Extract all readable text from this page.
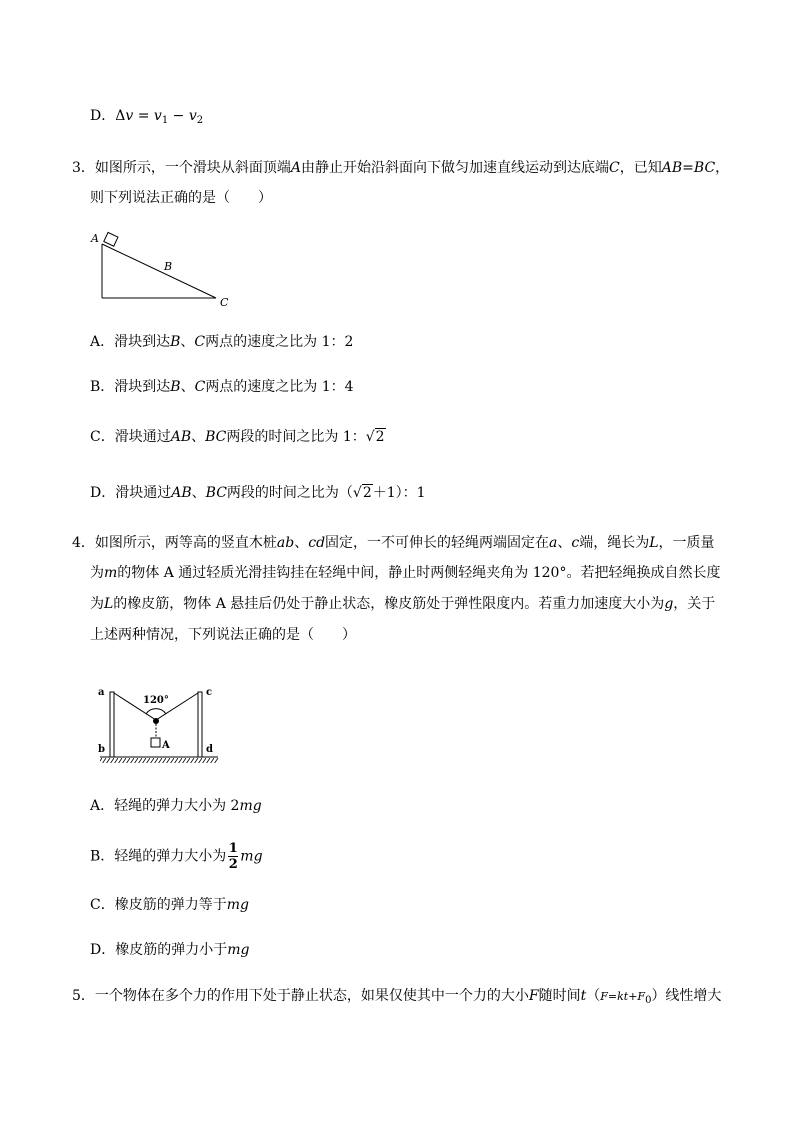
D．$\Delta v = v_1 - v_2$
3．如图所示，一个滑块从斜面顶端A由静止开始沿斜面向下做匀加速直线运动到达底端C，已知AB=BC，
则下列说法正确的是（　　）
A
B
C
A．滑块到达B、C两点的速度之比为 1：2
B．滑块到达B、C两点的速度之比为 1：4
C．滑块通过AB、BC两段的时间之比为 1：√2
D．滑块通过AB、BC两段的时间之比为（√2＋1）：1
4．如图所示，两等高的竖直木桩ab、cd固定，一不可伸长的轻绳两端固定在a、c端，绳长为L，一质量
为m的物体 A 通过轻质光滑挂钩挂在轻绳中间，静止时两侧轻绳夹角为 120°。若把轻绳换成自然长度
为L的橡皮筋，物体 A 悬挂后仍处于静止状态，橡皮筋处于弹性限度内。若重力加速度大小为g，关于
上述两种情况，下列说法正确的是（　　）
A
120°
a	c
b	d
A．轻绳的弹力大小为 2mg
B．轻绳的弹力大小为 $\frac{1}{2}$ mg
C．橡皮筋的弹力等于mg
D．橡皮筋的弹力小于mg
5．一个物体在多个力的作用下处于静止状态，如果仅使其中一个力的大小F随时间$t(F=kt+F_0)$线性增大
